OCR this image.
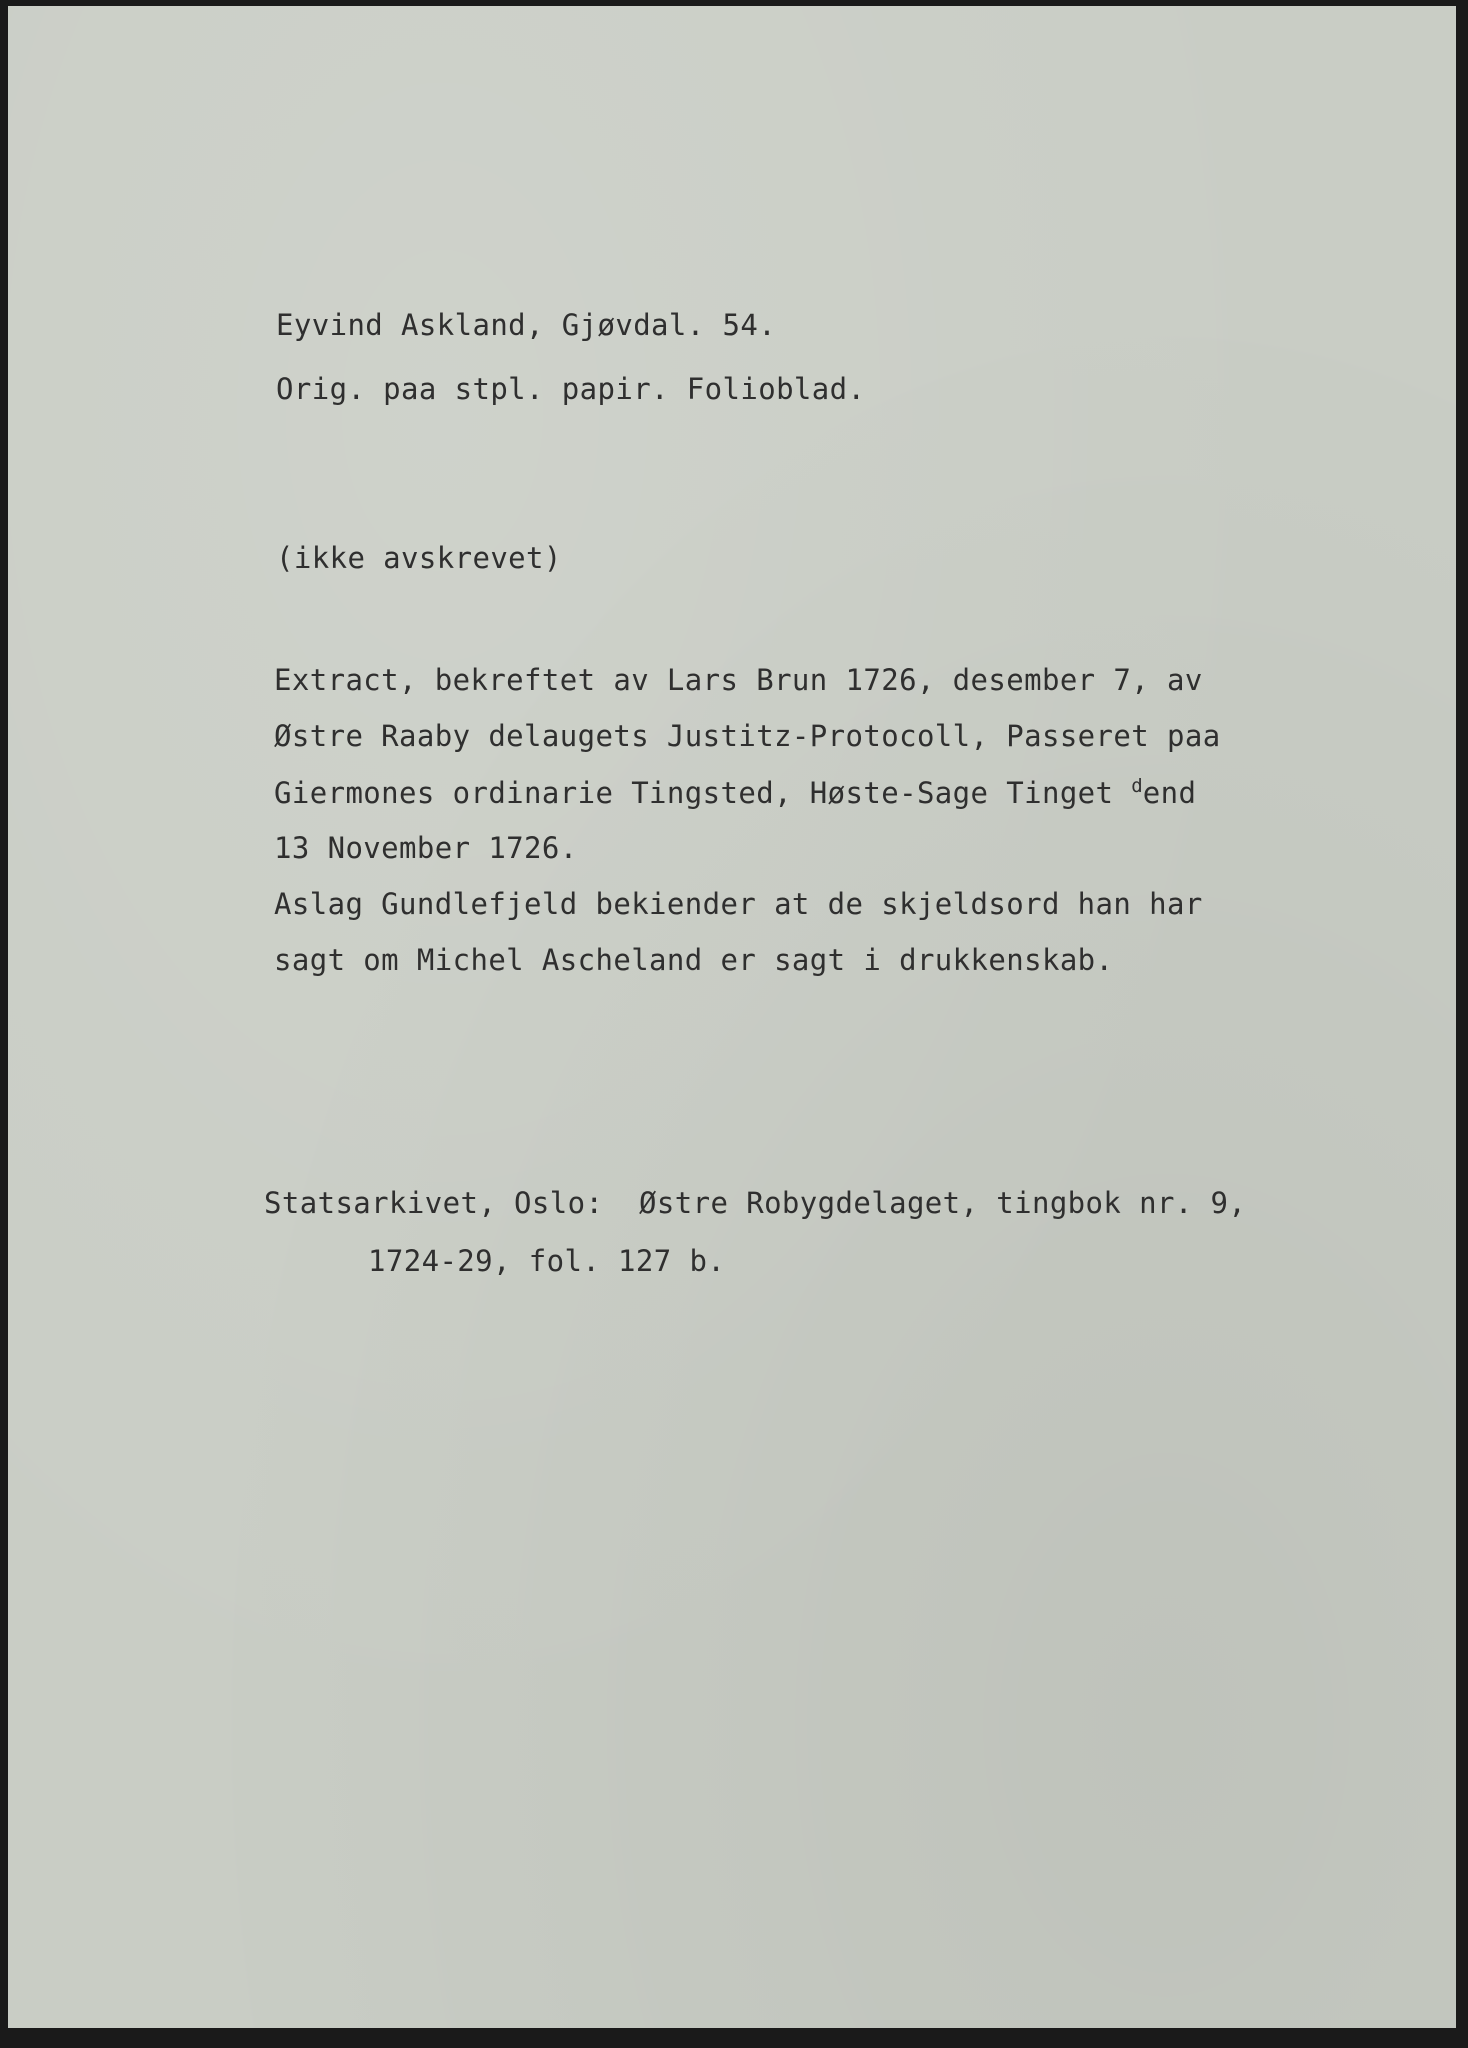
Eyvind Askland, Gjøvdal. 54.
Orig. paa stpl. papir. Folioblad.
(ikke avskrevet)
Extract, bekreftet av Lars Brun 1726, desember 7, av
Østre Raaby delaugets Justitz-Protocoll, Passeret paa
Giermones ordinarie Tingsted, Høste-Sage Tinget $^d$end
13 November 1726.
Aslag Gundlefjeld bekiender at de skjeldsord han har
sagt om Michel Ascheland er sagt i drukkenskab.
Statsarkivet, Oslo:  Østre Robygdelaget, tingbok nr. 9,
1724-29, fol. 127 b.
